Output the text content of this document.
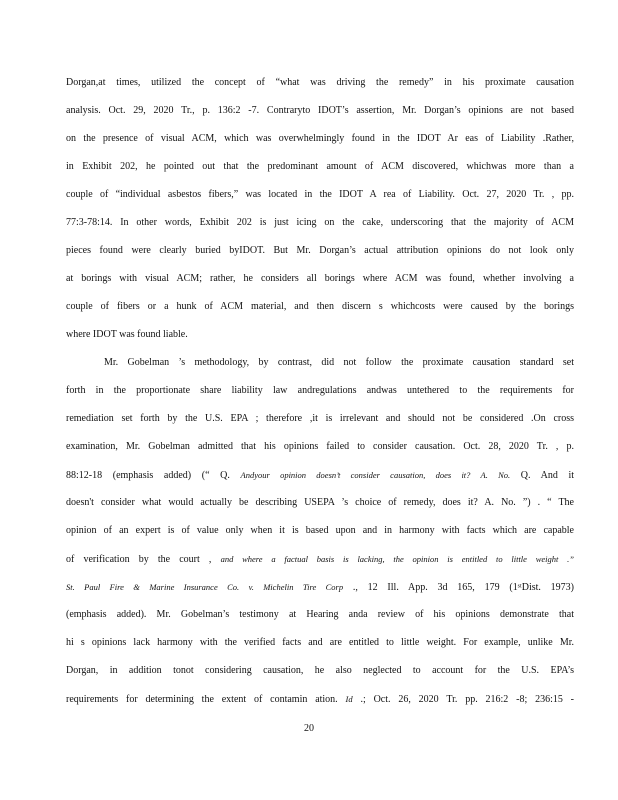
Dorgan,at times, utilized the concept of “what was driving the remedy” in his proximate causation
analysis. Oct. 29, 2020 Tr., p. 136:2 -7. Contraryto IDOT’s assertion, Mr. Dorgan’s opinions are not based
on the presence of visual ACM, which was overwhelmingly found in the IDOT Ar eas of Liability .Rather,
in Exhibit 202, he pointed out that the predominant amount of ACM discovered, whichwas more than a
couple of “individual asbestos fibers,” was located in the IDOT A rea of Liability. Oct. 27, 2020 Tr. , pp.
77:3-78:14. In other words, Exhibit 202 is just icing on the cake, underscoring that the majority of ACM
pieces found were clearly buried byIDOT. But Mr. Dorgan’s actual attribution opinions do not look only
at borings with visual ACM; rather, he considers all borings where ACM was found, whether involving a
couple of fibers or a hunk of ACM material, and then discern s whichcosts were caused by the borings
where IDOT was found liable.
Mr. Gobelman ’s methodology, by contrast, did not follow the proximate causation standard set
forth in the proportionate share liability law andregulations andwas untethered to the requirements for
remediation set forth by the U.S. EPA ; therefore ,it is irrelevant and should not be considered .On cross
examination, Mr. Gobelman admitted that his opinions failed to consider causation. Oct. 28, 2020 Tr. , p.
88:12-18 (emphasis added) (“ Q. Andyour opinion doesn’t consider causation, does it? A. No. Q. And it
doesn't consider what would actually be describing USEPA ’s choice of remedy, does it? A. No. ”) . “ The
opinion of an expert is of value only when it is based upon and in harmony with facts which are capable
of verification by the court , and where a factual basis is lacking, the opinion is entitled to little weight .”
St. Paul Fire & Marine Insurance Co. v. Michelin Tire Corp ., 12 Ill. App. 3d 165, 179 (1ˢᵗDist. 1973)
(emphasis added). Mr. Gobelman’s testimony at Hearing anda review of his opinions demonstrate that
hi s opinions lack harmony with the verified facts and are entitled to little weight. For example, unlike Mr.
Dorgan, in addition tonot considering causation, he also neglected to account for the U.S. EPA’s
requirements for determining the extent of contamin ation. Id .; Oct. 26, 2020 Tr. pp. 216:2 -8; 236:15 -
20
